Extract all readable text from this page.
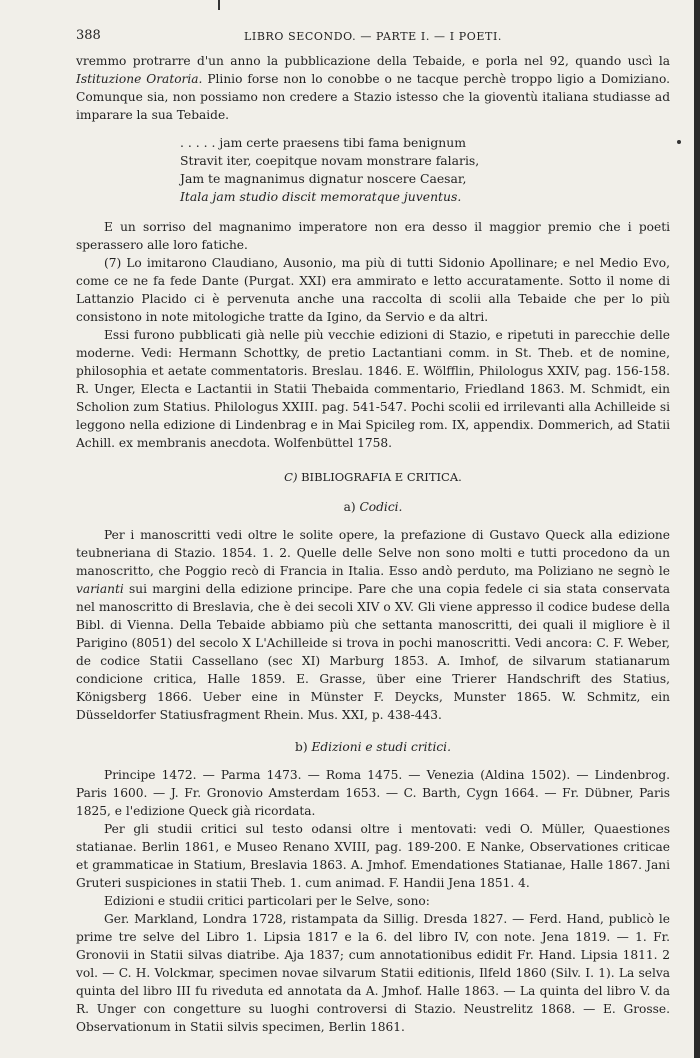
388	LIBRO SECONDO. — PARTE I. — I POETI.

vremmo protrarre d'un anno la pubblicazione della Tebaide, e porla nel 92, quando uscì la Istituzione Oratoria. Plinio forse non lo conobbe o ne tacque perchè troppo ligio a Domiziano. Comunque sia, non possiamo non credere a Stazio istesso che la gioventù italiana studiasse ad imparare la sua Tebaide.

. . . . . jam certe praesens tibi fama benignum
Stravit iter, coepitque novam monstrare falaris,
Jam te magnanimus dignatur noscere Caesar,
Itala jam studio discit memoratque juventus.

E un sorriso del magnanimo imperatore non era desso il maggior premio che i poeti sperassero alle loro fatiche.

(7) Lo imitarono Claudiano, Ausonio, ma più di tutti Sidonio Apollinare; e nel Medio Evo, come ce ne fa fede Dante (Purgat. XXI) era ammirato e letto accuratamente. Sotto il nome di Lattanzio Placido ci è pervenuta anche una raccolta di scolii alla Tebaide che per lo più consistono in note mitologiche tratte da Igino, da Servio e da altri.

Essi furono pubblicati già nelle più vecchie edizioni di Stazio, e ripetuti in parecchie delle moderne. Vedi: Hermann Schottky, de pretio Lactantiani comm. in St. Theb. et de nomine, philosophia et aetate commentatoris. Breslau. 1846. E. Wölfflin, Philologus XXIV, pag. 156-158. R. Unger, Electa e Lactantii in Statii Thebaida commentario, Friedland 1863. M. Schmidt, ein Scholion zum Statius. Philologus XXIII. pag. 541-547. Pochi scolii ed irrilevanti alla Achilleide si leggono nella edizione di Lindenbrag e in Mai Spicileg rom. IX, appendix. Dommerich, ad Statii Achill. ex membranis anecdota. Wolfenbüttel 1758.

C) BIBLIOGRAFIA E CRITICA.
a) Codici.

Per i manoscritti vedi oltre le solite opere, la prefazione di Gustavo Queck alla edizione teubneriana di Stazio. 1854. 1. 2. Quelle delle Selve non sono molti e tutti procedono da un manoscritto, che Poggio recò di Francia in Italia. Esso andò perduto, ma Poliziano ne segnò le varianti sui margini della edizione principe. Pare che una copia fedele ci sia stata conservata nel manoscritto di Breslavia, che è dei secoli XIV o XV. Gli viene appresso il codice budese della Bibl. di Vienna. Della Tebaide abbiamo più che settanta manoscritti, dei quali il migliore è il Parigino (8051) del secolo X L'Achilleide si trova in pochi manoscritti. Vedi ancora: C. F. Weber, de codice Statii Cassellano (sec XI) Marburg 1853. A. Imhof, de silvarum statianarum condicione critica, Halle 1859. E. Grasse, über eine Trierer Handschrift des Statius, Königsberg 1866. Ueber eine in Münster F. Deycks, Munster 1865. W. Schmitz, ein Düsseldorfer Statiusfragment Rhein. Mus. XXI, p. 438-443.

b) Edizioni e studi critici.

Principe 1472. — Parma 1473. — Roma 1475. — Venezia (Aldina 1502). — Lindenbrog. Paris 1600. — J. Fr. Gronovio Amsterdam 1653. — C. Barth, Cygn 1664. — Fr. Dübner, Paris 1825, e l'edizione Queck già ricordata.

Per gli studii critici sul testo odansi oltre i mentovati: vedi O. Müller, Quaestiones statianae. Berlin 1861, e Museo Renano XVIII, pag. 189-200. E Nanke, Observationes criticae et grammaticae in Statium, Breslavia 1863. A. Jmhof. Emendationes Statianae, Halle 1867. Jani Gruteri suspiciones in statii Theb. 1. cum animad. F. Handii Jena 1851. 4.

Edizioni e studii critici particolari per le Selve, sono:

Ger. Markland, Londra 1728, ristampata da Sillig. Dresda 1827. — Ferd. Hand, publicò le prime tre selve del Libro 1. Lipsia 1817 e la 6. del libro IV, con note. Jena 1819. — 1. Fr. Gronovii in Statii silvas diatribe. Aja 1837; cum annotationibus edidit Fr. Hand. Lipsia 1811. 2 vol. — C. H. Volckmar, specimen novae silvarum Statii editionis, Ilfeld 1860 (Silv. I. 1). La selva quinta del libro III fu riveduta ed annotata da A. Jmhof. Halle 1863. — La quinta del libro V. da R. Unger con congetture su luoghi controversi di Stazio. Neustrelitz 1868. — E. Grosse. Observationum in Statii silvis specimen, Berlin 1861.
